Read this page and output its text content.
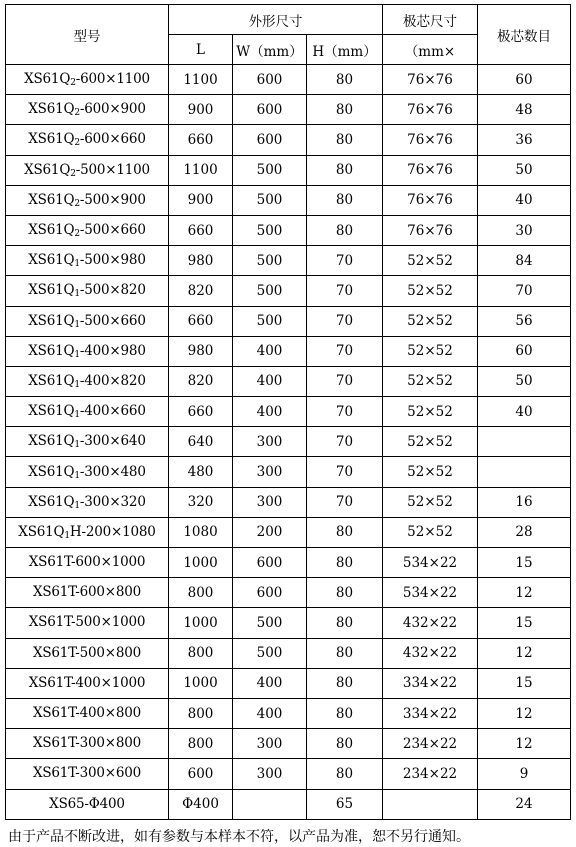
型号	外形尺寸			极芯尺寸	极芯数目
	L	W（mm）	H（mm）	（mm×	
$XS61Q_2-600\times 1100$	1100	600	80	76×76	60
$XS61Q_2-600\times 900$	900	600	80	76×76	48
$XS61Q_2-600\times 660$	660	600	80	76×76	36
$XS61Q_2-500\times 1100$	1100	500	80	76×76	50
$XS61Q_2-500\times 900$	900	500	80	76×76	40
$XS61Q_2-500\times 660$	660	500	80	76×76	30
$XS61Q_1-500\times 980$	980	500	70	52×52	84
$XS61Q_1-500\times 820$	820	500	70	52×52	70
$XS61Q_1-500\times 660$	660	500	70	52×52	56
$XS61Q_1-400\times 980$	980	400	70	52×52	60
$XS61Q_1-400\times 820$	820	400	70	52×52	50
$XS61Q_1-400\times 660$	660	400	70	52×52	40
$XS61Q_1-300\times 640$	640	300	70	52×52	
$XS61Q_1-300\times 480$	480	300	70	52×52	
$XS61Q_1-300\times 320$	320	300	70	52×52	16
$XS61Q_1H-200\times 1080$	1080	200	80	52×52	28
XS61T-600×1000	1000	600	80	534×22	15
XS61T-600×800	800	600	80	534×22	12
XS61T-500×1000	1000	500	80	432×22	15
XS61T-500×800	800	500	80	432×22	12
XS61T-400×1000	1000	400	80	334×22	15
XS61T-400×800	800	400	80	334×22	12
XS61T-300×800	800	300	80	234×22	12
XS61T-300×600	600	300	80	234×22	9
XS65-Φ400	Φ400		65		24
由于产品不断改进，如有参数与本样本不符，以产品为准，恕不另行通知。
